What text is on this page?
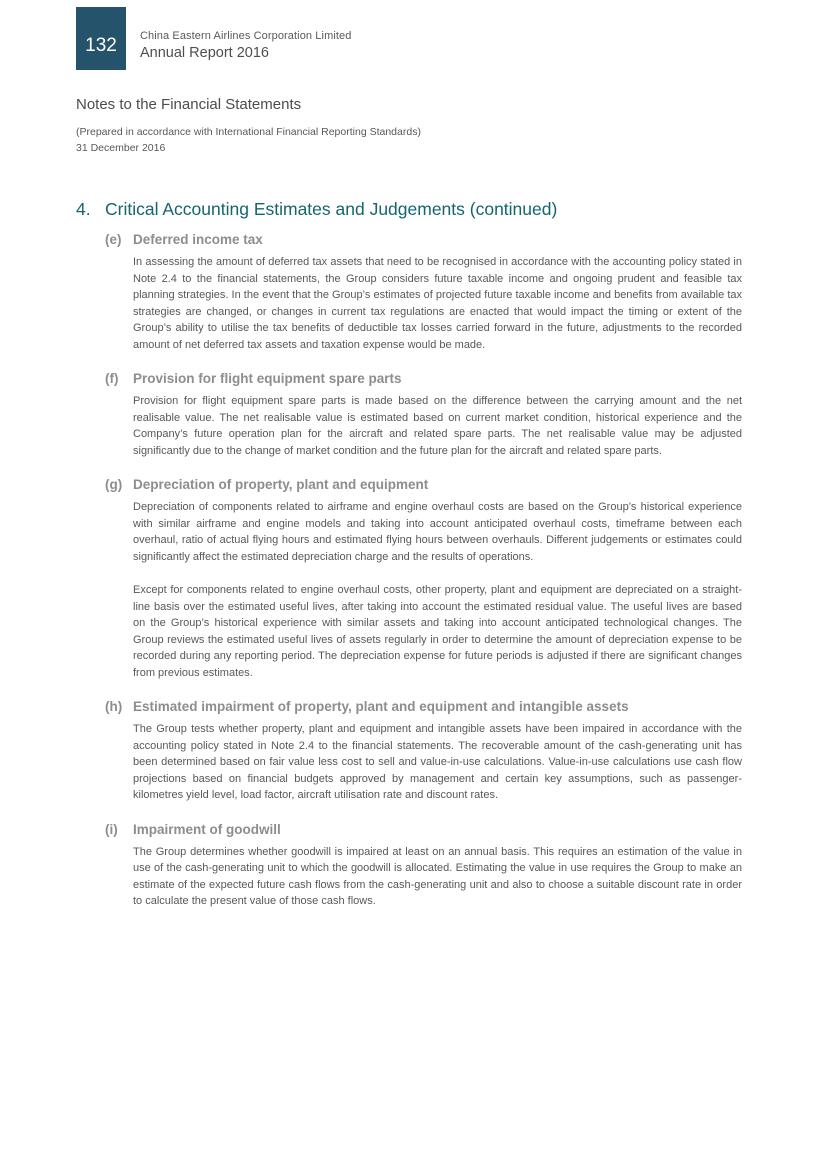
132	China Eastern Airlines Corporation Limited
Annual Report 2016
Notes to the Financial Statements
(Prepared in accordance with International Financial Reporting Standards)
31 December 2016
4. Critical Accounting Estimates and Judgements (continued)
(e) Deferred income tax

In assessing the amount of deferred tax assets that need to be recognised in accordance with the accounting policy stated in Note 2.4 to the financial statements, the Group considers future taxable income and ongoing prudent and feasible tax planning strategies. In the event that the Group’s estimates of projected future taxable income and benefits from available tax strategies are changed, or changes in current tax regulations are enacted that would impact the timing or extent of the Group’s ability to utilise the tax benefits of deductible tax losses carried forward in the future, adjustments to the recorded amount of net deferred tax assets and taxation expense would be made.

(f)	Provision for flight equipment spare parts

Provision for flight equipment spare parts is made based on the difference between the carrying amount and the net realisable value. The net realisable value is estimated based on current market condition, historical experience and the Company’s future operation plan for the aircraft and related spare parts. The net realisable value may be adjusted significantly due to the change of market condition and the future plan for the aircraft and related spare parts.

(g) Depreciation of property, plant and equipment

Depreciation of components related to airframe and engine overhaul costs are based on the Group’s historical experience with similar airframe and engine models and taking into account anticipated overhaul costs, timeframe between each overhaul, ratio of actual flying hours and estimated flying hours between overhauls. Different judgements or estimates could significantly affect the estimated depreciation charge and the results of operations.

Except for components related to engine overhaul costs, other property, plant and equipment are depreciated on a straight-line basis over the estimated useful lives, after taking into account the estimated residual value. The useful lives are based on the Group’s historical experience with similar assets and taking into account anticipated technological changes. The Group reviews the estimated useful lives of assets regularly in order to determine the amount of depreciation expense to be recorded during any reporting period. The depreciation expense for future periods is adjusted if there are significant changes from previous estimates.

(h) Estimated impairment of property, plant and equipment and intangible assets

The Group tests whether property, plant and equipment and intangible assets have been impaired in accordance with the accounting policy stated in Note 2.4 to the financial statements. The recoverable amount of the cash-generating unit has been determined based on fair value less cost to sell and value-in-use calculations. Value-in-use calculations use cash flow projections based on financial budgets approved by management and certain key assumptions, such as passenger-kilometres yield level, load factor, aircraft utilisation rate and discount rates.

(i)	Impairment of goodwill

The Group determines whether goodwill is impaired at least on an annual basis. This requires an estimation of the value in use of the cash-generating unit to which the goodwill is allocated. Estimating the value in use requires the Group to make an estimate of the expected future cash flows from the cash-generating unit and also to choose a suitable discount rate in order to calculate the present value of those cash flows.
